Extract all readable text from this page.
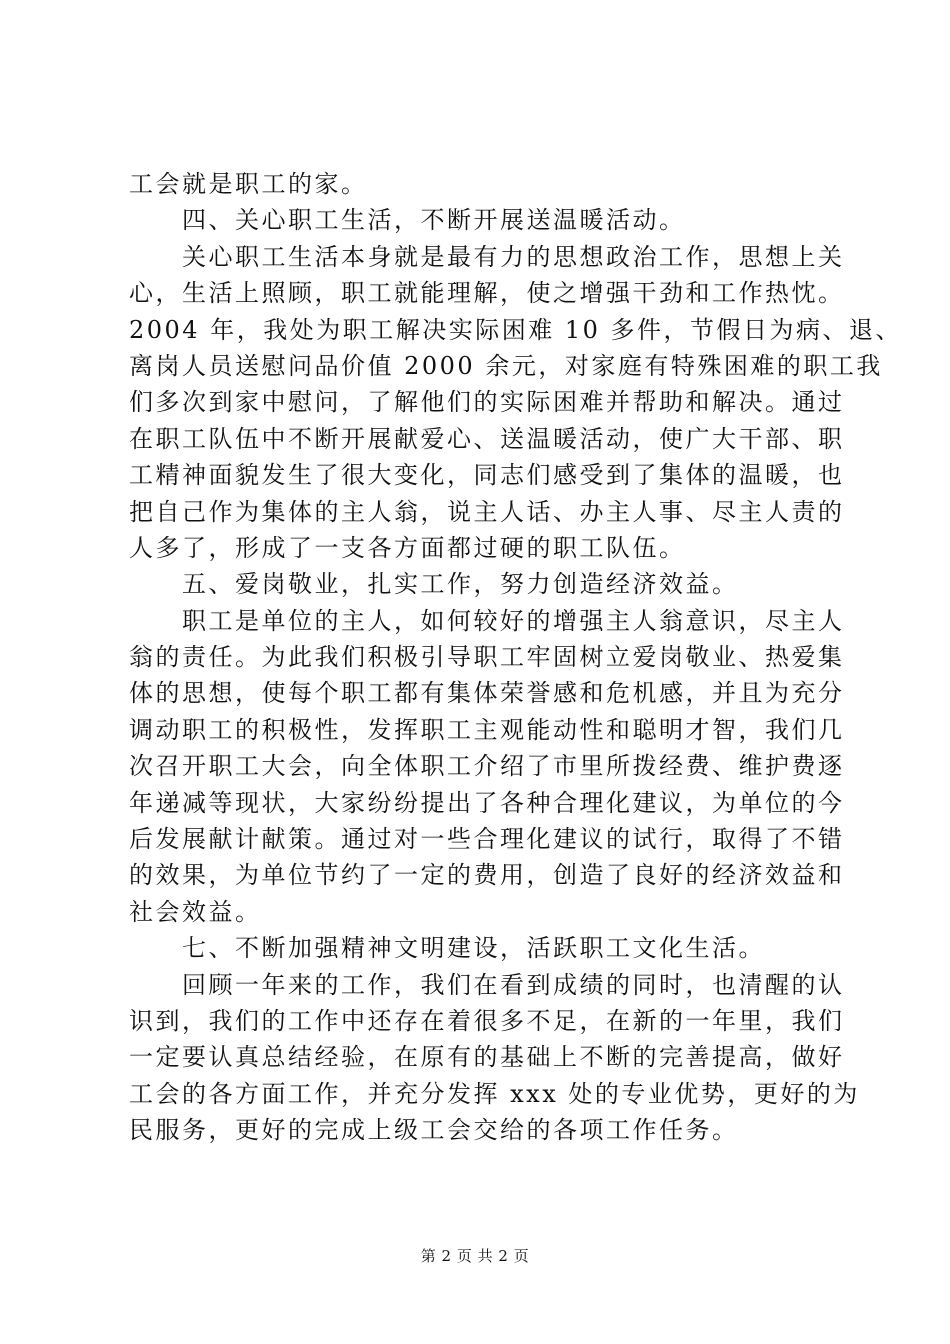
工会就是职工的家。
四、关心职工生活，不断开展送温暖活动。
关心职工生活本身就是最有力的思想政治工作，思想上关
心，生活上照顾，职工就能理解，使之增强干劲和工作热忱。
2004 年，我处为职工解决实际困难 10 多件，节假日为病、退、
离岗人员送慰问品价值 2000 余元，对家庭有特殊困难的职工我
们多次到家中慰问，了解他们的实际困难并帮助和解决。通过
在职工队伍中不断开展献爱心、送温暖活动，使广大干部、职
工精神面貌发生了很大变化，同志们感受到了集体的温暖，也
把自己作为集体的主人翁，说主人话、办主人事、尽主人责的
人多了，形成了一支各方面都过硬的职工队伍。
五、爱岗敬业，扎实工作，努力创造经济效益。
职工是单位的主人，如何较好的增强主人翁意识，尽主人
翁的责任。为此我们积极引导职工牢固树立爱岗敬业、热爱集
体的思想，使每个职工都有集体荣誉感和危机感，并且为充分
调动职工的积极性，发挥职工主观能动性和聪明才智，我们几
次召开职工大会，向全体职工介绍了市里所拨经费、维护费逐
年递减等现状，大家纷纷提出了各种合理化建议，为单位的今
后发展献计献策。通过对一些合理化建议的试行，取得了不错
的效果，为单位节约了一定的费用，创造了良好的经济效益和
社会效益。
七、不断加强精神文明建设，活跃职工文化生活。
回顾一年来的工作，我们在看到成绩的同时，也清醒的认
识到，我们的工作中还存在着很多不足，在新的一年里，我们
一定要认真总结经验，在原有的基础上不断的完善提高，做好
工会的各方面工作，并充分发挥 xxx 处的专业优势，更好的为
民服务，更好的完成上级工会交给的各项工作任务。
第 2 页 共 2 页
